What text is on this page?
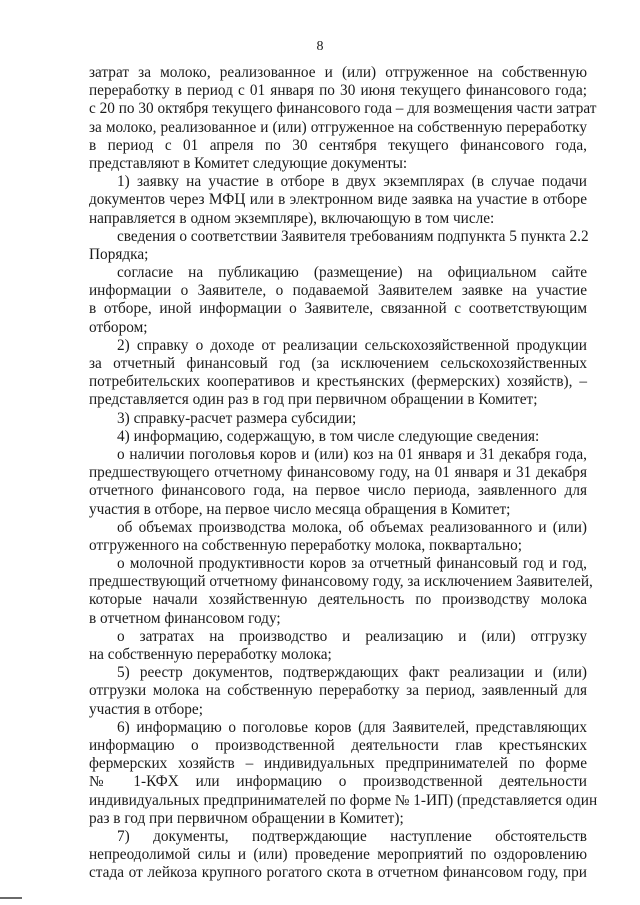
8
затрат за молоко, реализованное и (или) отгруженное на собственную
переработку в период с 01 января по 30 июня текущего финансового года;
с 20 по 30 октября текущего финансового года – для возмещения части затрат
за молоко, реализованное и (или) отгруженное на собственную переработку
в период с 01 апреля по 30 сентября текущего финансового года,
представляют в Комитет следующие документы:
1) заявку на участие в отборе в двух экземплярах (в случае подачи
документов через МФЦ или в электронном виде заявка на участие в отборе
направляется в одном экземпляре), включающую в том числе:
сведения о соответствии Заявителя требованиям подпункта 5 пункта 2.2
Порядка;
согласие на публикацию (размещение) на официальном сайте
информации о Заявителе, о подаваемой Заявителем заявке на участие
в отборе, иной информации о Заявителе, связанной с соответствующим
отбором;
2) справку о доходе от реализации сельскохозяйственной продукции
за отчетный финансовый год (за исключением сельскохозяйственных
потребительских кооперативов и крестьянских (фермерских) хозяйств), –
представляется один раз в год при первичном обращении в Комитет;
3) справку-расчет размера субсидии;
4) информацию, содержащую, в том числе следующие сведения:
о наличии поголовья коров и (или) коз на 01 января и 31 декабря года,
предшествующего отчетному финансовому году, на 01 января и 31 декабря
отчетного финансового года, на первое число периода, заявленного для
участия в отборе, на первое число месяца обращения в Комитет;
об объемах производства молока, об объемах реализованного и (или)
отгруженного на собственную переработку молока, поквартально;
о молочной продуктивности коров за отчетный финансовый год и год,
предшествующий отчетному финансовому году, за исключением Заявителей,
которые начали хозяйственную деятельность по производству молока
в отчетном финансовом году;
о затратах на производство и реализацию и (или) отгрузку
на собственную переработку молока;
5) реестр документов, подтверждающих факт реализации и (или)
отгрузки молока на собственную переработку за период, заявленный для
участия в отборе;
6) информацию о поголовье коров (для Заявителей, представляющих
информацию о производственной деятельности глав крестьянских
фермерских хозяйств – индивидуальных предпринимателей по форме
№ 1-КФХ или информацию о производственной деятельности
индивидуальных предпринимателей по форме № 1-ИП) (представляется один
раз в год при первичном обращении в Комитет);
7) документы, подтверждающие наступление обстоятельств
непреодолимой силы и (или) проведение мероприятий по оздоровлению
стада от лейкоза крупного рогатого скота в отчетном финансовом году, при
